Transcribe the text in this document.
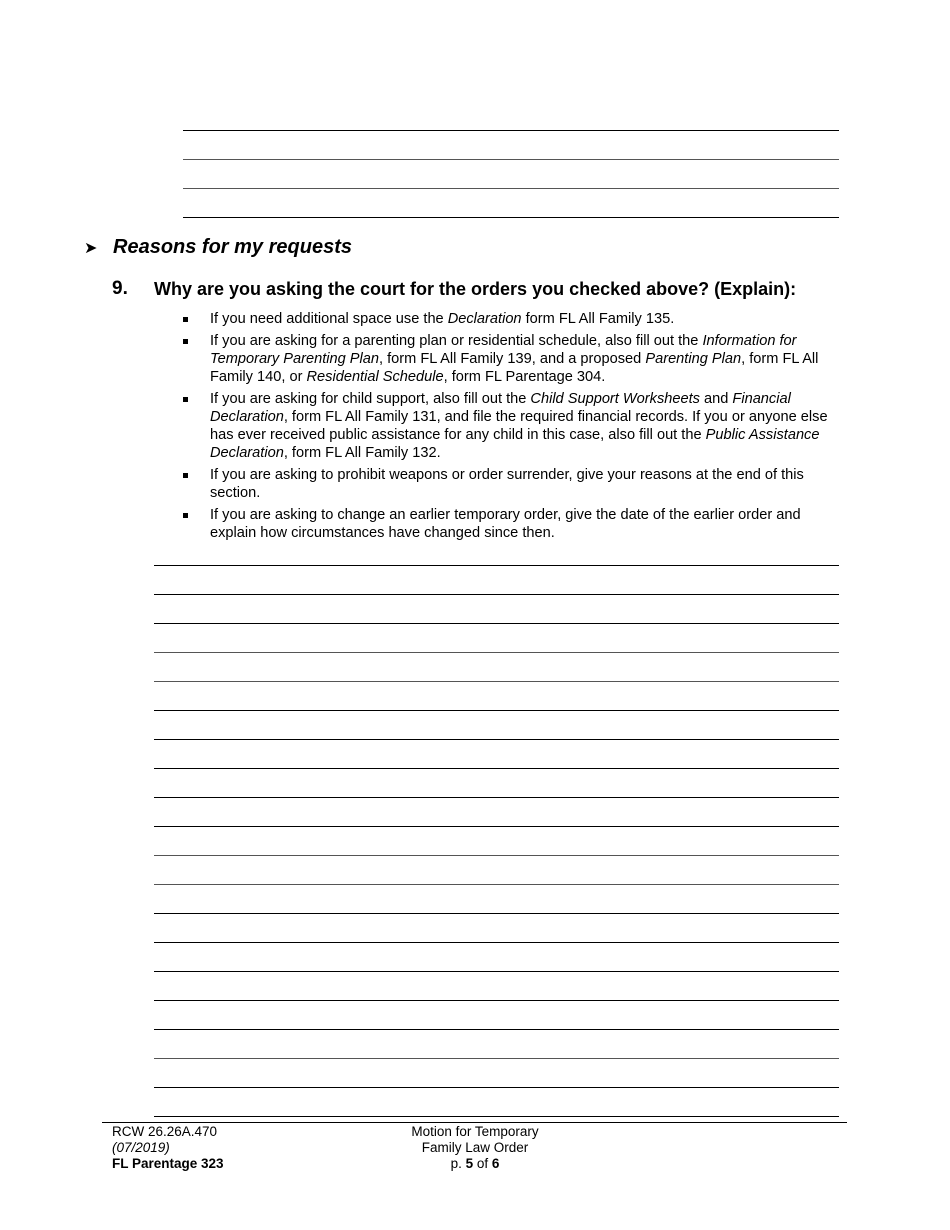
➤ Reasons for my requests
9. Why are you asking the court for the orders you checked above? (Explain):
If you need additional space use the Declaration form FL All Family 135.
If you are asking for a parenting plan or residential schedule, also fill out the Information for Temporary Parenting Plan, form FL All Family 139, and a proposed Parenting Plan, form FL All Family 140, or Residential Schedule, form FL Parentage 304.
If you are asking for child support, also fill out the Child Support Worksheets and Financial Declaration, form FL All Family 131, and file the required financial records. If you or anyone else has ever received public assistance for any child in this case, also fill out the Public Assistance Declaration, form FL All Family 132.
If you are asking to prohibit weapons or order surrender, give your reasons at the end of this section.
If you are asking to change an earlier temporary order, give the date of the earlier order and explain how circumstances have changed since then.
RCW 26.26A.470
(07/2019)
FL Parentage 323
Motion for Temporary
Family Law Order
p. 5 of 6
